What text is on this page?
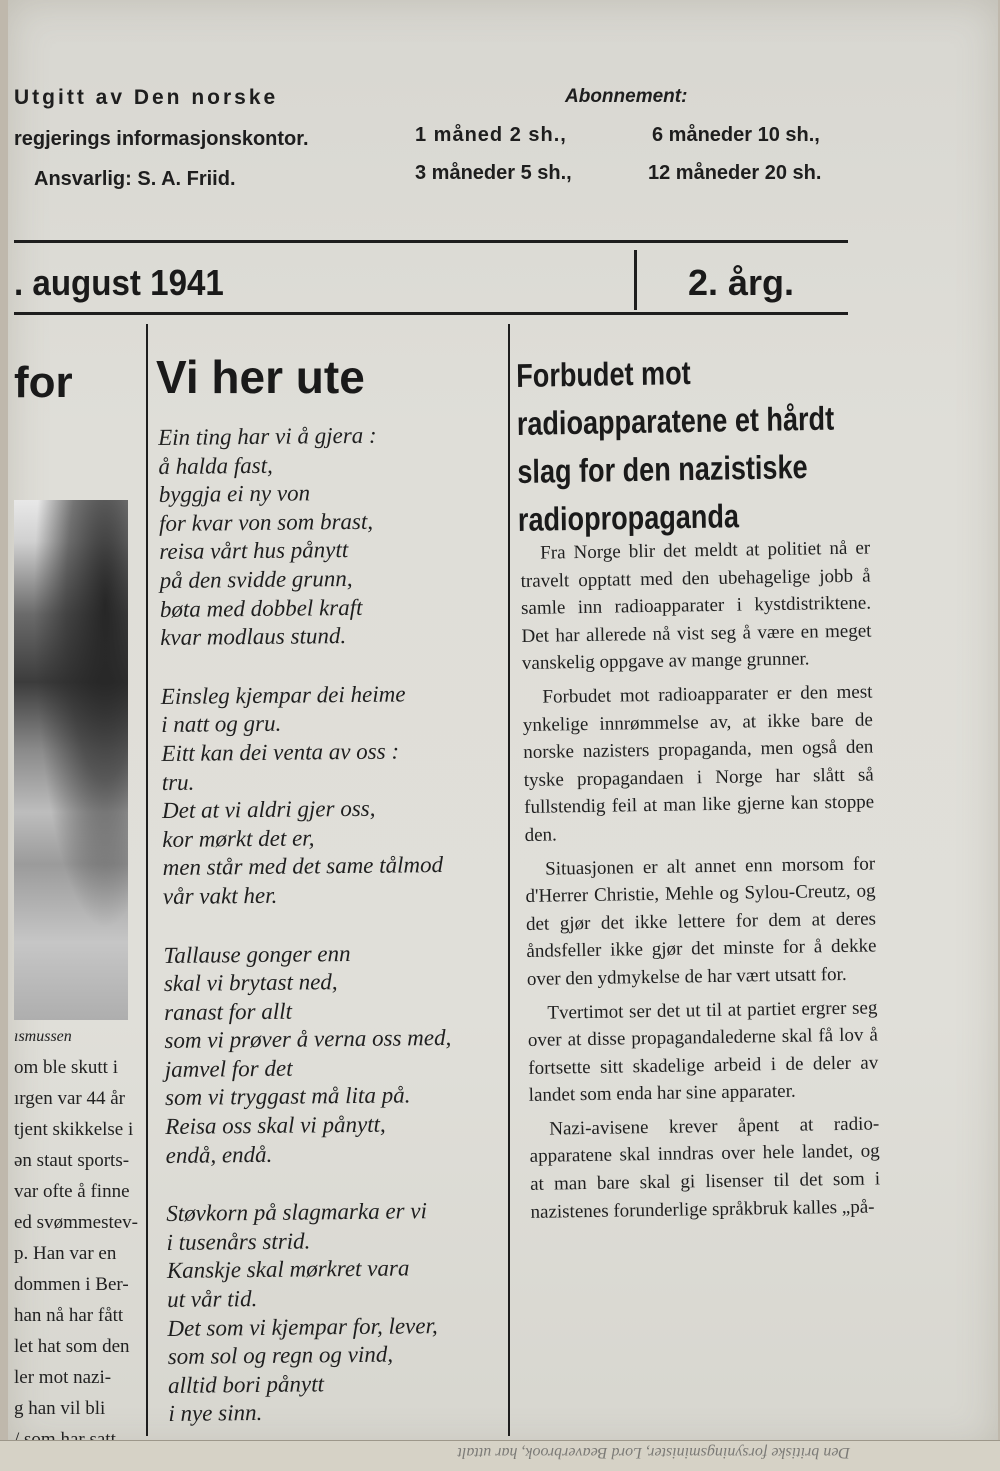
Utgitt av Den norske
regjerings informasjonskontor.
Ansvarlig: S. A. Friid.
Abonnement:
1 måned 2 sh.,	6 måneder 10 sh.,
3 måneder 5 sh.,	12 måneder 20 sh.
. august 1941	2. årg.
for
ısmussen
om ble skutt i
ırgen var 44 år
tjent skikkelse i
ən staut sports-
var ofte å finne
ed svømmestev-
p. Han var en
dommen i Ber-
han nå har fått
let hat som den
ler mot nazi-
g han vil bli
Vi her ute
Ein ting har vi å gjera :
å halda fast,
byggja ei ny von
for kvar von som brast,
reisa vårt hus pånytt
på den svidde grunn,
bøta med dobbel kraft
kvar modlaus stund.
Einsleg kjempar dei heime
i natt og gru.
Eitt kan dei venta av oss :
tru.
Det at vi aldri gjer oss,
kor mørkt det er,
men står med det same tålmod
vår vakt her.
Tallause gonger enn
skal vi brytast ned,
ranast for allt
som vi prøver å verna oss med,
jamvel for det
som vi tryggast må lita på.
Reisa oss skal vi pånytt,
endå, endå.
Støvkorn på slagmarka er vi
i tusenårs strid.
Kanskje skal mørkret vara
ut vår tid.
Det som vi kjempar for, lever,
som sol og regn og vind,
alltid bori pånytt
i nye sinn.
Forbudet mot radioapparatene et hårdt slag for den nazistiske radiopropaganda

Fra Norge blir det meldt at politiet nå er travelt opptatt med den ubehagelige jobb å samle inn radioapparater i kystdistriktene. Det har allerede nå vist seg å være en meget vanskelig oppgave av mange grunner.

Forbudet mot radioapparater er den mest ynkelige innrømmelse av, at ikke bare de norske nazisters propaganda, men også den tyske propagandaen i Norge har slått så fullstendig feil at man like gjerne kan stoppe den.

Situasjonen er alt annet enn morsom for d'Herrer Christie, Mehle og Sylou-Creutz, og det gjør det ikke lettere for dem at deres åndsfeller ikke gjør det minste for å dekke over den ydmykelse de har vært utsatt for.

Tvertimot ser det ut til at partiet ergrer seg over at disse propagandalederne skal få lov å fortsette sitt skadelige arbeid i de deler av landet som enda har sine apparater.

Nazi-avisene krever åpent at radio-apparatene skal inndras over hele landet, og at man bare skal gi lisenser til det som i nazistenes forunderlige språkbruk kalles „på-

Den britiske forsyningsminister, Lord Beaverbrook, har uttalt
